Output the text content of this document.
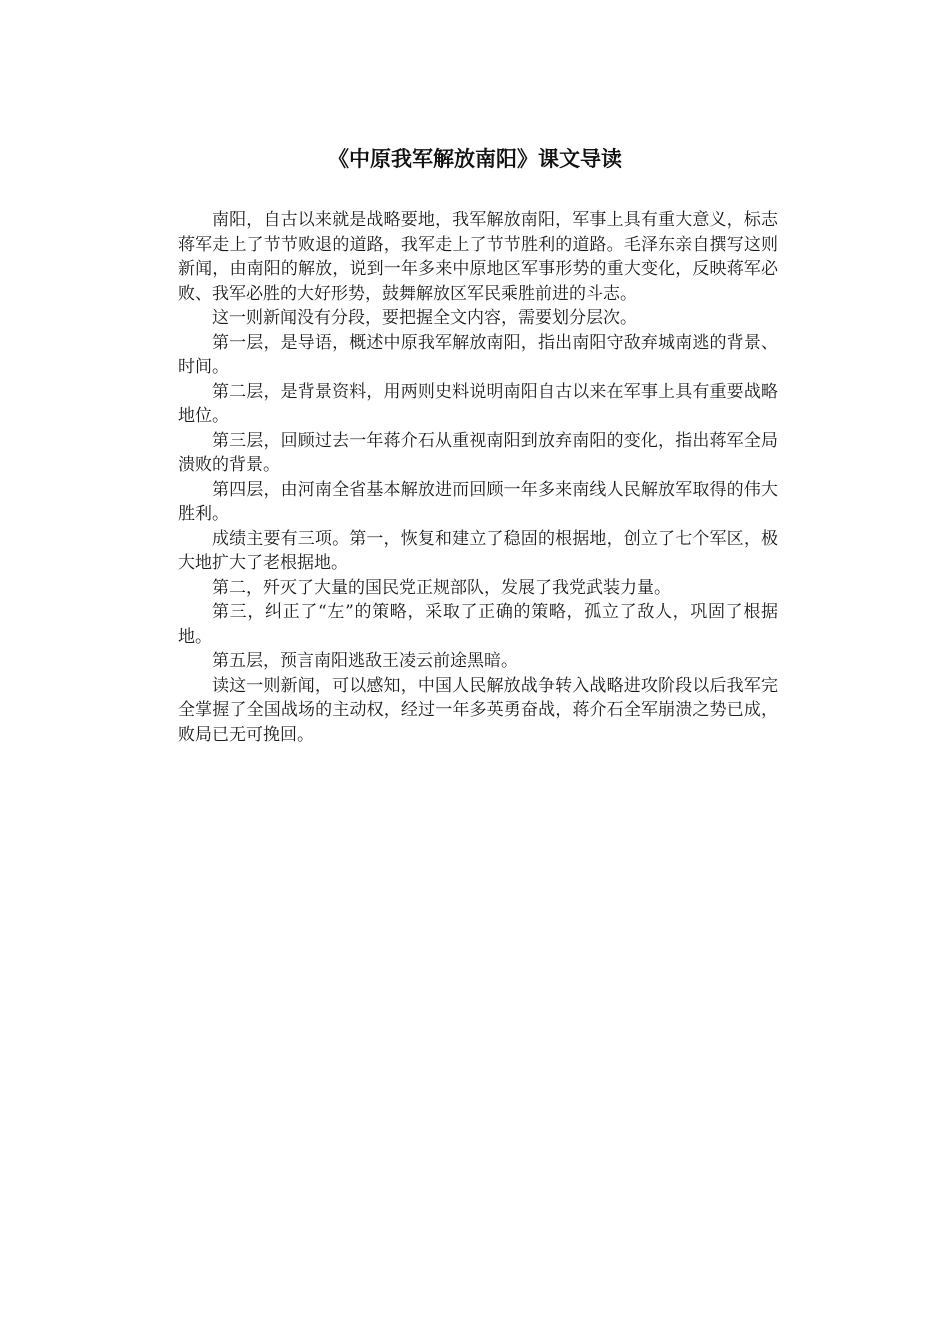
《中原我军解放南阳》课文导读

南阳，自古以来就是战略要地，我军解放南阳，军事上具有重大意义，标志蒋军走上了节节败退的道路，我军走上了节节胜利的道路。毛泽东亲自撰写这则新闻，由南阳的解放，说到一年多来中原地区军事形势的重大变化，反映蒋军必败、我军必胜的大好形势，鼓舞解放区军民乘胜前进的斗志。

这一则新闻没有分段，要把握全文内容，需要划分层次。

第一层，是导语，概述中原我军解放南阳，指出南阳守敌弃城南逃的背景、时间。

第二层，是背景资料，用两则史料说明南阳自古以来在军事上具有重要战略地位。

第三层，回顾过去一年蒋介石从重视南阳到放弃南阳的变化，指出蒋军全局溃败的背景。

第四层，由河南全省基本解放进而回顾一年多来南线人民解放军取得的伟大胜利。

成绩主要有三项。第一，恢复和建立了稳固的根据地，创立了七个军区，极大地扩大了老根据地。

第二，歼灭了大量的国民党正规部队，发展了我党武装力量。

第三，纠正了“左”的策略，采取了正确的策略，孤立了敌人，巩固了根据地。

第五层，预言南阳逃敌王凌云前途黑暗。

读这一则新闻，可以感知，中国人民解放战争转入战略进攻阶段以后我军完全掌握了全国战场的主动权，经过一年多英勇奋战，蒋介石全军崩溃之势已成，败局已无可挽回。
